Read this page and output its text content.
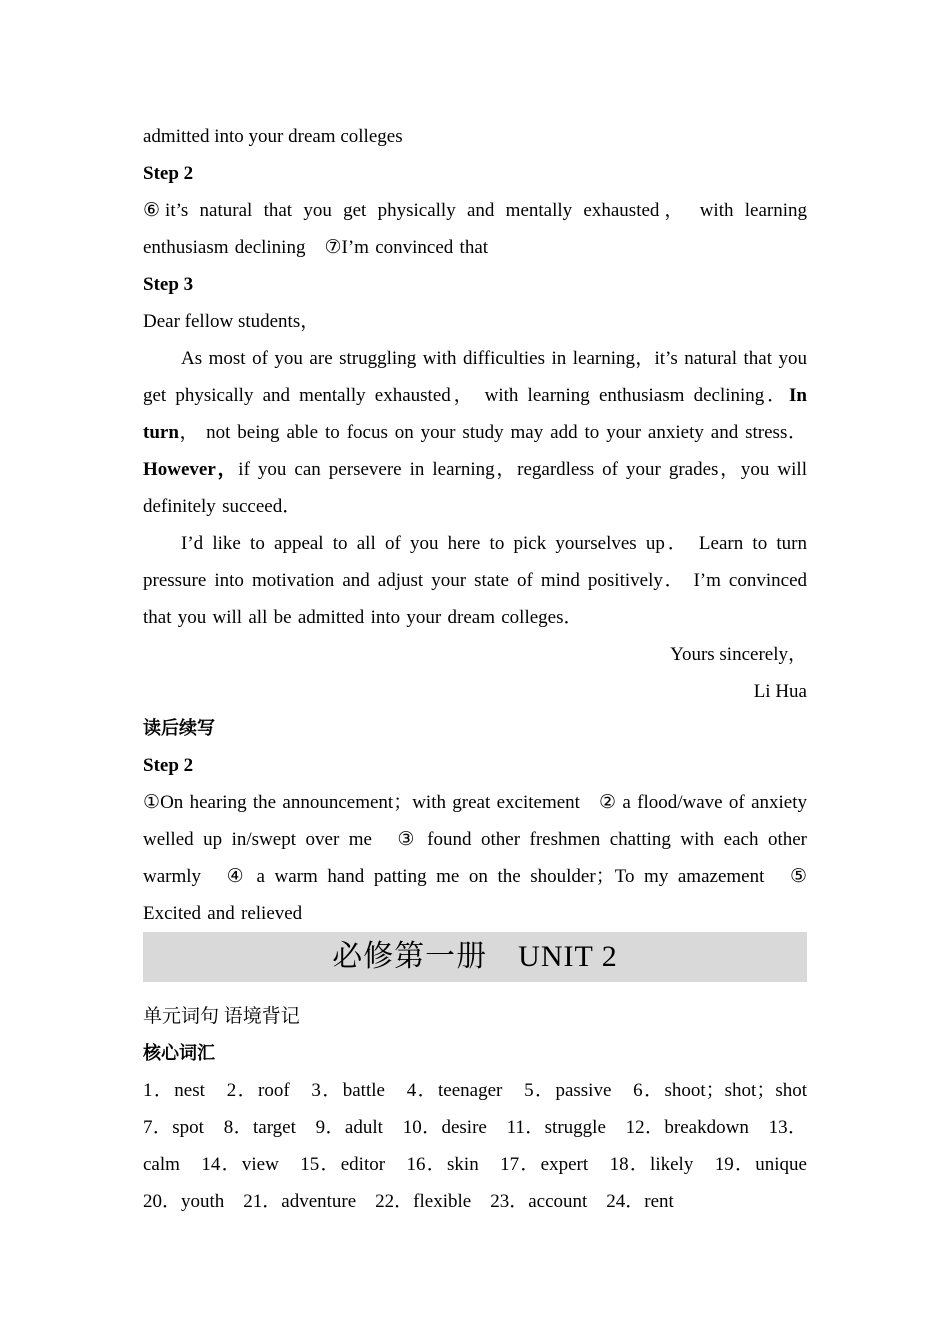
admitted into your dream colleges

Step 2

⑥it’s natural that you get physically and mentally exhausted， with learning enthusiasm declining　⑦I’m convinced that

Step 3

Dear fellow students，

As most of you are struggling with difficulties in learning，it’s natural that you get physically and mentally exhausted， with learning enthusiasm declining．In turn， not being able to focus on your study may add to your anxiety and stress．However，if you can persevere in learning，regardless of your grades，you will definitely succeed．

I’d like to appeal to all of you here to pick yourselves up． Learn to turn pressure into motivation and adjust your state of mind positively． I’m convinced that you will all be admitted into your dream colleges．

Yours sincerely，

Li Hua

读后续写

Step 2

①On hearing the announcement；with great excitement　② a flood/wave of anxiety welled up in/swept over me　③ found other freshmen chatting with each other warmly　④ a warm hand patting me on the shoulder；To my amazement　⑤ Excited and relieved

必修第一册　UNIT 2

单元词句 语境背记

核心词汇

1．nest　2．roof　3．battle　4．teenager　5．passive　6．shoot；shot；shot　7．spot　8．target　9．adult　10．desire　11．struggle　12．breakdown　13．calm　14．view　15．editor　16．skin　17．expert　18．likely　19．unique　20．youth　21．adventure　22．flexible　23．account　24．rent
